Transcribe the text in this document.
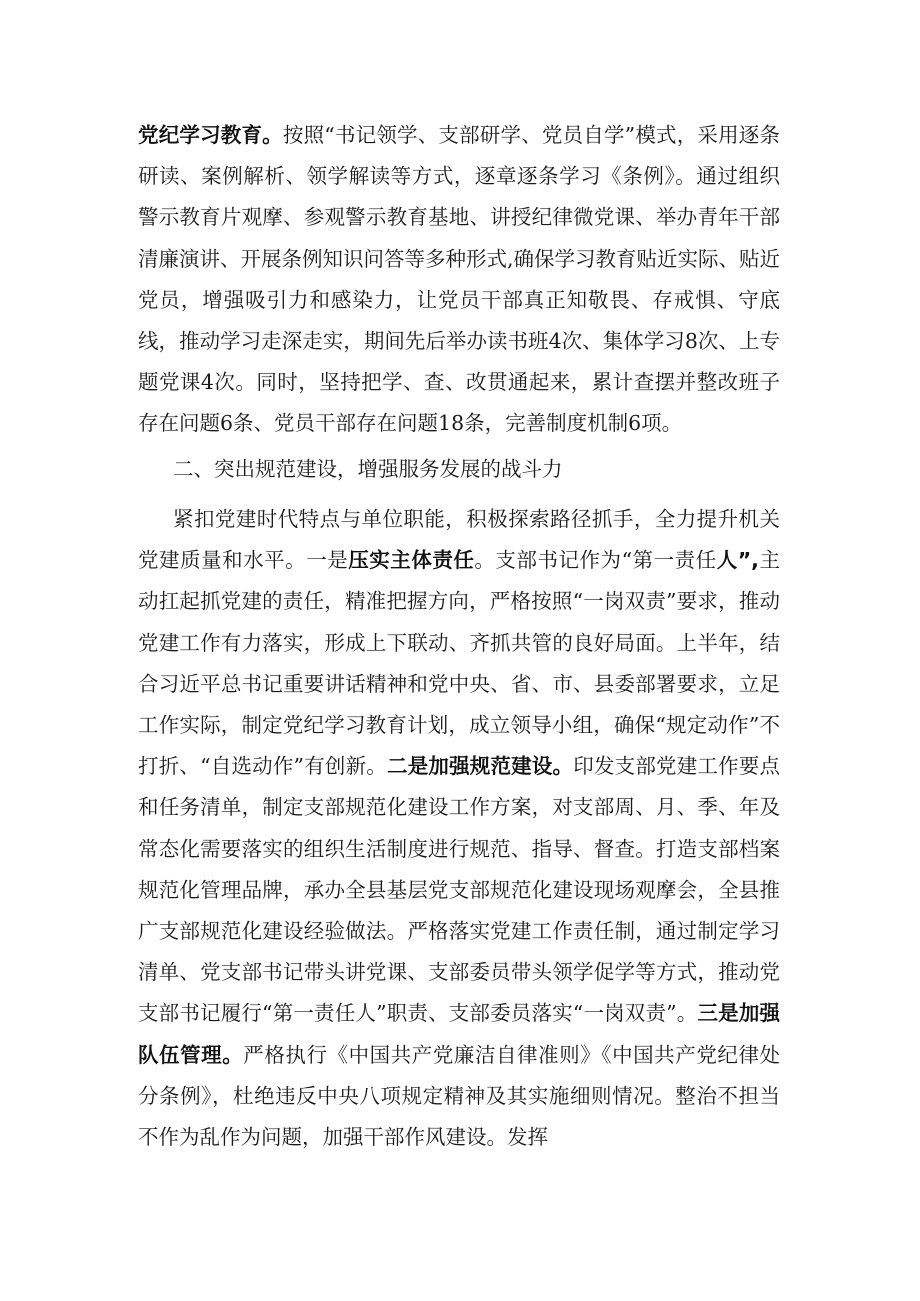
党纪学习教育。按照“书记领学、支部研学、党员自学”模式，采用逐条研读、案例解析、领学解读等方式，逐章逐条学习《条例》。通过组织警示教育片观摩、参观警示教育基地、讲授纪律微党课、举办青年干部清廉演讲、开展条例知识问答等多种形式,确保学习教育贴近实际、贴近党员，增强吸引力和感染力，让党员干部真正知敬畏、存戒惧、守底线，推动学习走深走实，期间先后举办读书班4次、集体学习8次、上专题党课4次。同时，坚持把学、查、改贯通起来，累计查摆并整改班子存在问题6条、党员干部存在问题18条，完善制度机制6项。

二、突出规范建设，增强服务发展的战斗力

紧扣党建时代特点与单位职能，积极探索路径抓手，全力提升机关党建质量和水平。一是压实主体责任。支部书记作为“第一责任人”,主动扛起抓党建的责任，精准把握方向，严格按照“一岗双责”要求，推动党建工作有力落实，形成上下联动、齐抓共管的良好局面。上半年，结合习近平总书记重要讲话精神和党中央、省、市、县委部署要求，立足工作实际，制定党纪学习教育计划，成立领导小组，确保“规定动作”不打折、“自选动作”有创新。二是加强规范建设。印发支部党建工作要点和任务清单，制定支部规范化建设工作方案，对支部周、月、季、年及常态化需要落实的组织生活制度进行规范、指导、督查。打造支部档案规范化管理品牌，承办全县基层党支部规范化建设现场观摩会，全县推广支部规范化建设经验做法。严格落实党建工作责任制，通过制定学习清单、党支部书记带头讲党课、支部委员带头领学促学等方式，推动党支部书记履行“第一责任人”职责、支部委员落实“一岗双责”。三是加强队伍管理。严格执行《中国共产党廉洁自律准则》《中国共产党纪律处分条例》，杜绝违反中央八项规定精神及其实施细则情况。整治不担当不作为乱作为问题，加强干部作风建设。发挥
